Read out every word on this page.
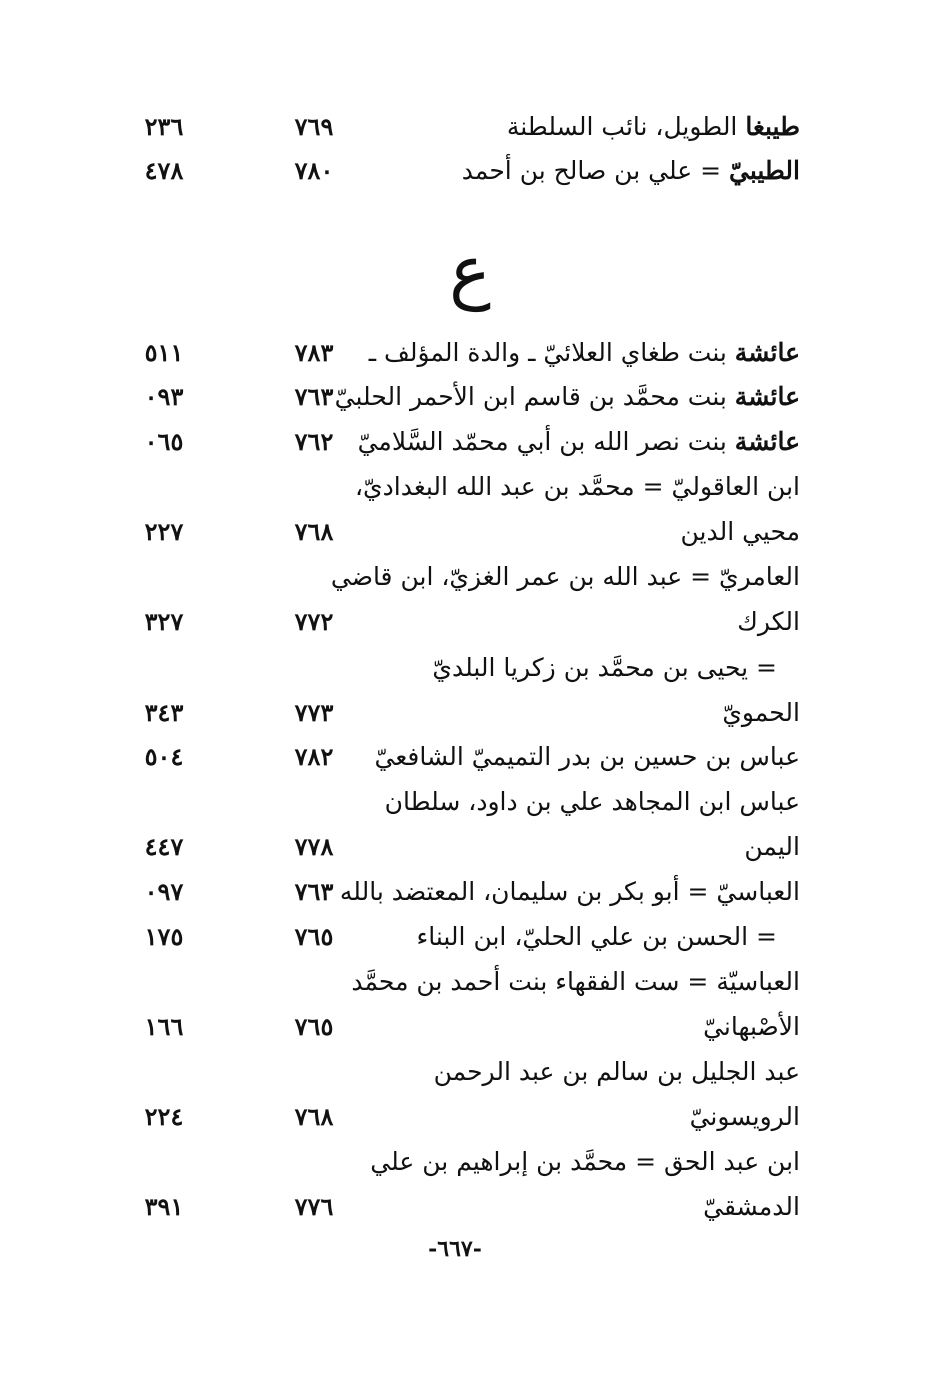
طيبغا الطويل، نائب السلطنة
٧٦٩
٢٣٦
الطيبيّ = علي بن صالح بن أحمد
٧٨٠
٤٧٨
ع
عائشة بنت طغاي العلائيّ ـ والدة المؤلف ـ
٧٨٣
٥١١
عائشة بنت محمَّد بن قاسم ابن الأحمر الحلبيّ
٧٦٣
٠٩٣
عائشة بنت نصر الله بن أبي محمّد السَّلاميّ
٧٦٢
٠٦٥
ابن العاقوليّ = محمَّد بن عبد الله البغداديّ،
محيي الدين
٧٦٨
٢٢٧
العامريّ = عبد الله بن عمر الغزيّ، ابن قاضي
الكرك
٧٧٢
٣٢٧
= يحيى بن محمَّد بن زكريا البلديّ
الحمويّ
٧٧٣
٣٤٣
عباس بن حسين بن بدر التميميّ الشافعيّ
٧٨٢
٥٠٤
عباس ابن المجاهد علي بن داود، سلطان
اليمن
٧٧٨
٤٤٧
العباسيّ = أبو بكر بن سليمان، المعتضد بالله
٧٦٣
٠٩٧
= الحسن بن علي الحليّ، ابن البناء
٧٦٥
١٧٥
العباسيّة = ست الفقهاء بنت أحمد بن محمَّد
الأصْبهانيّ
٧٦٥
١٦٦
عبد الجليل بن سالم بن عبد الرحمن
الرويسونيّ
٧٦٨
٢٢٤
ابن عبد الحق = محمَّد بن إبراهيم بن علي
الدمشقيّ
٧٧٦
٣٩١
-٦٦٧-
